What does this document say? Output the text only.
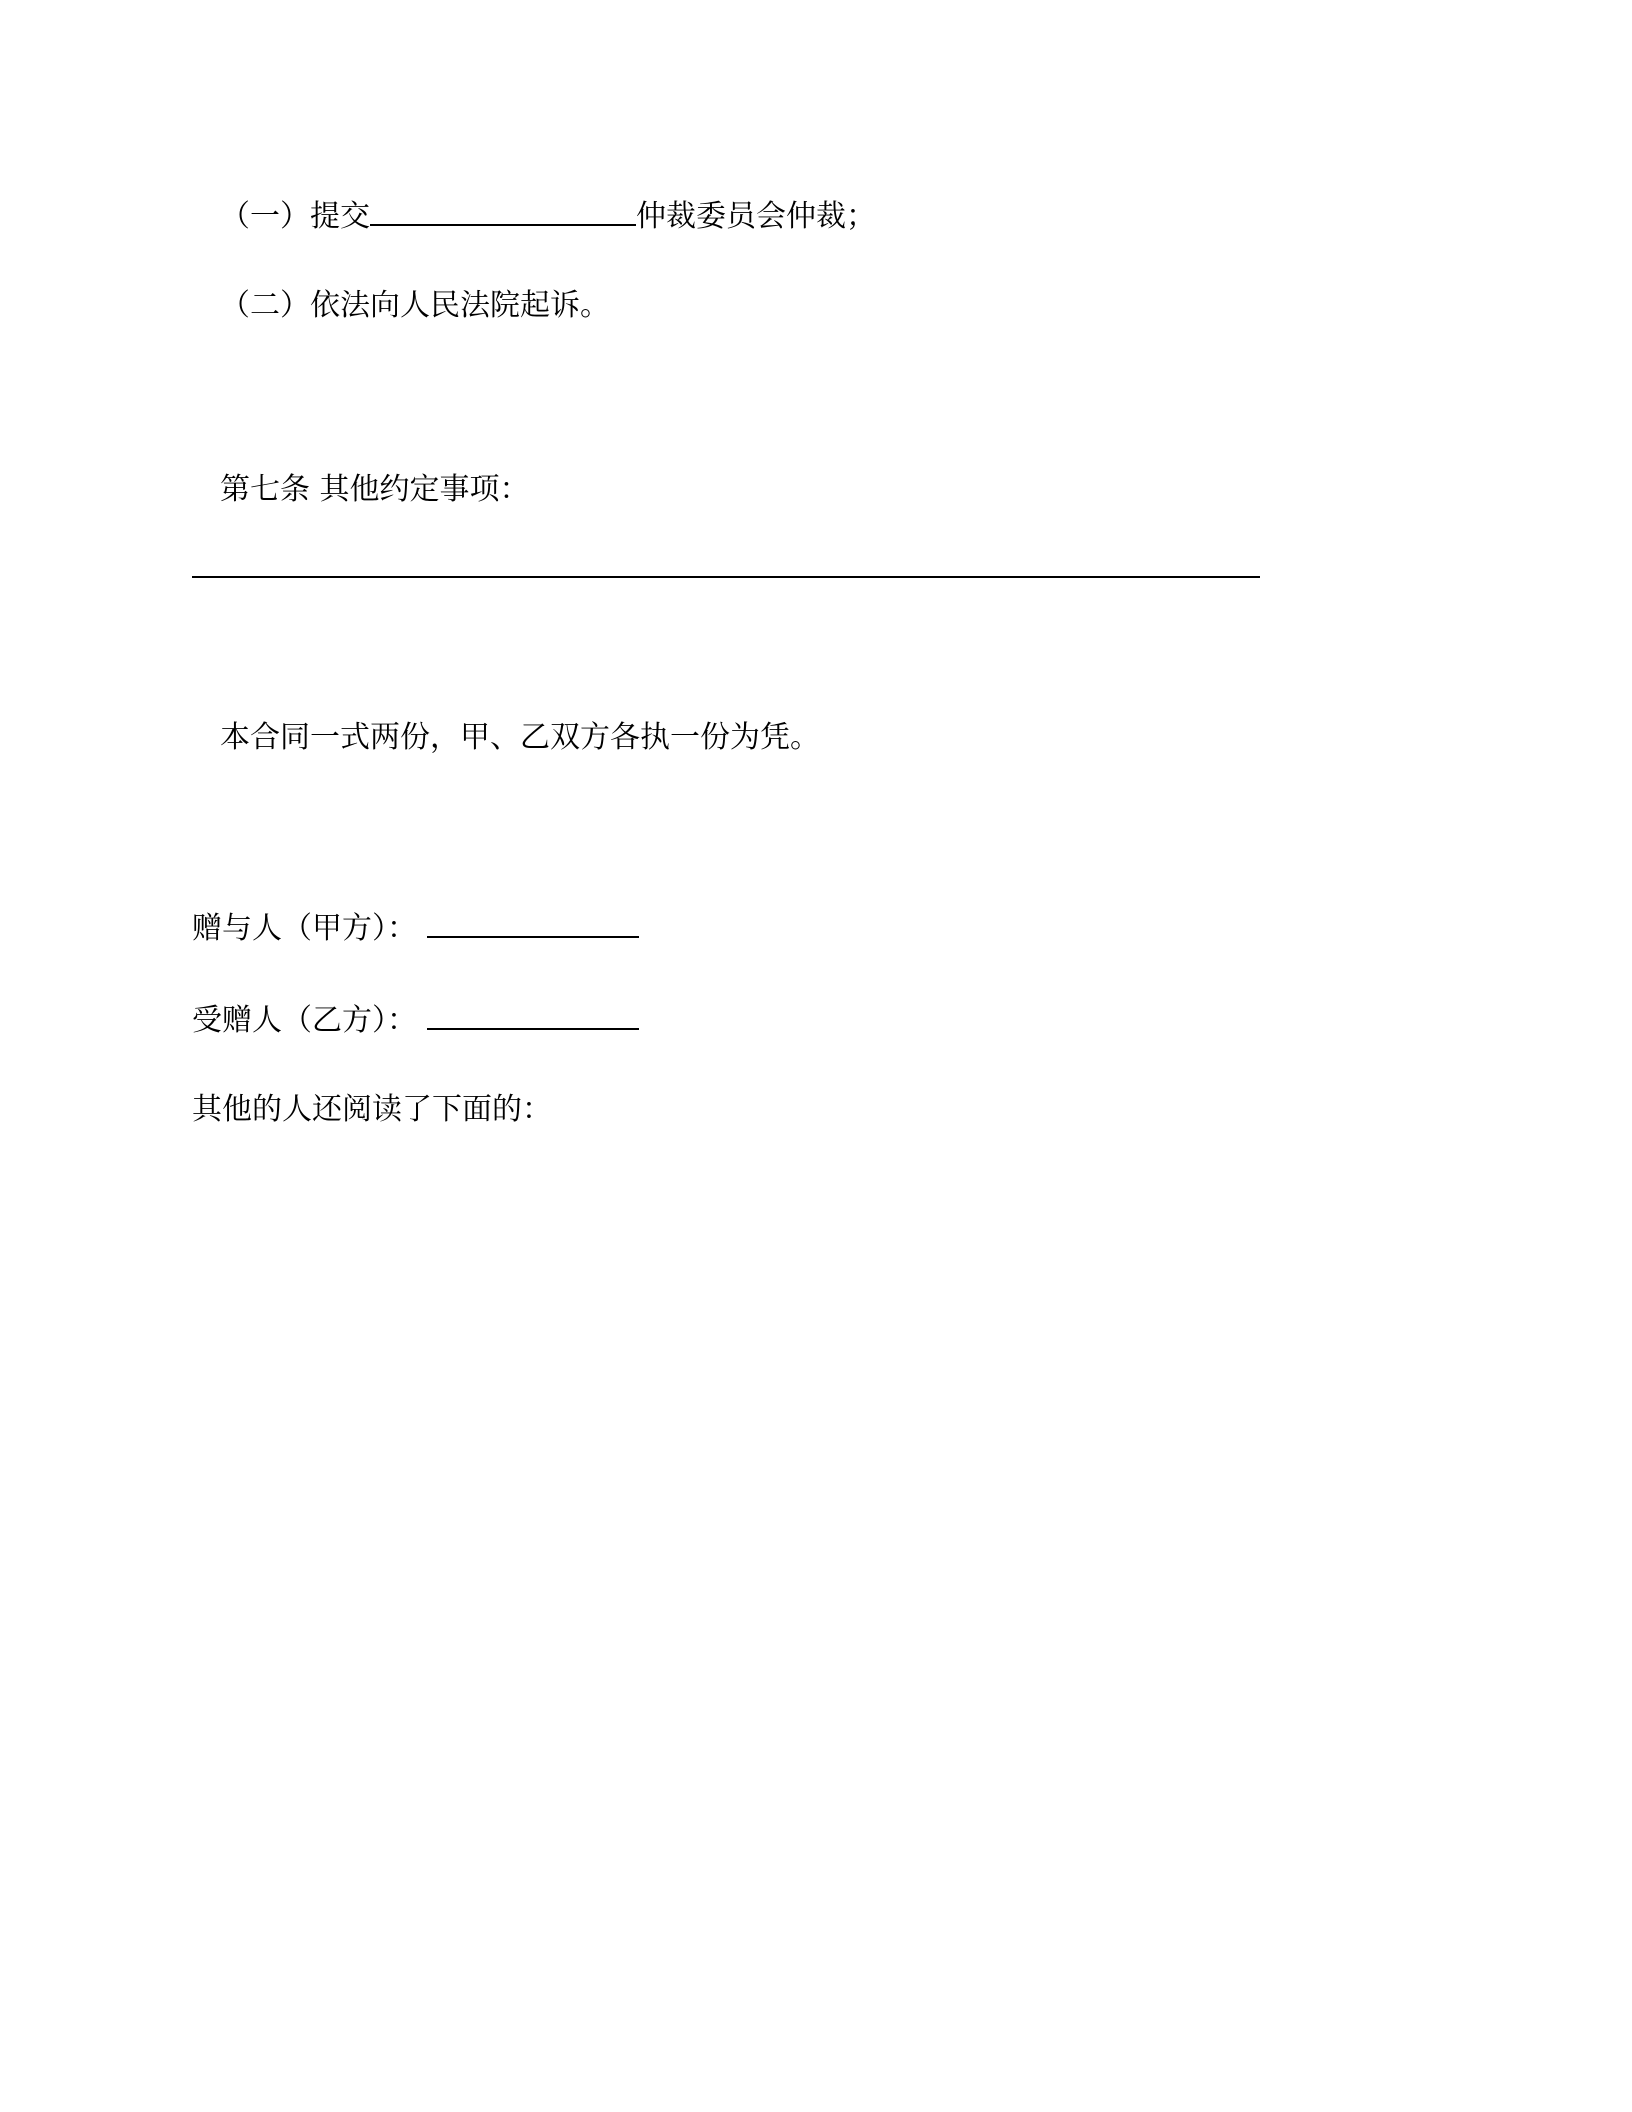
（一）提交	仲裁委员会仲裁；

（二）依法向人民法院起诉。

第七条 其他约定事项：

本合同一式两份，甲、乙双方各执一份为凭。

赠与人（甲方）：

受赠人（乙方）：

其他的人还阅读了下面的：
